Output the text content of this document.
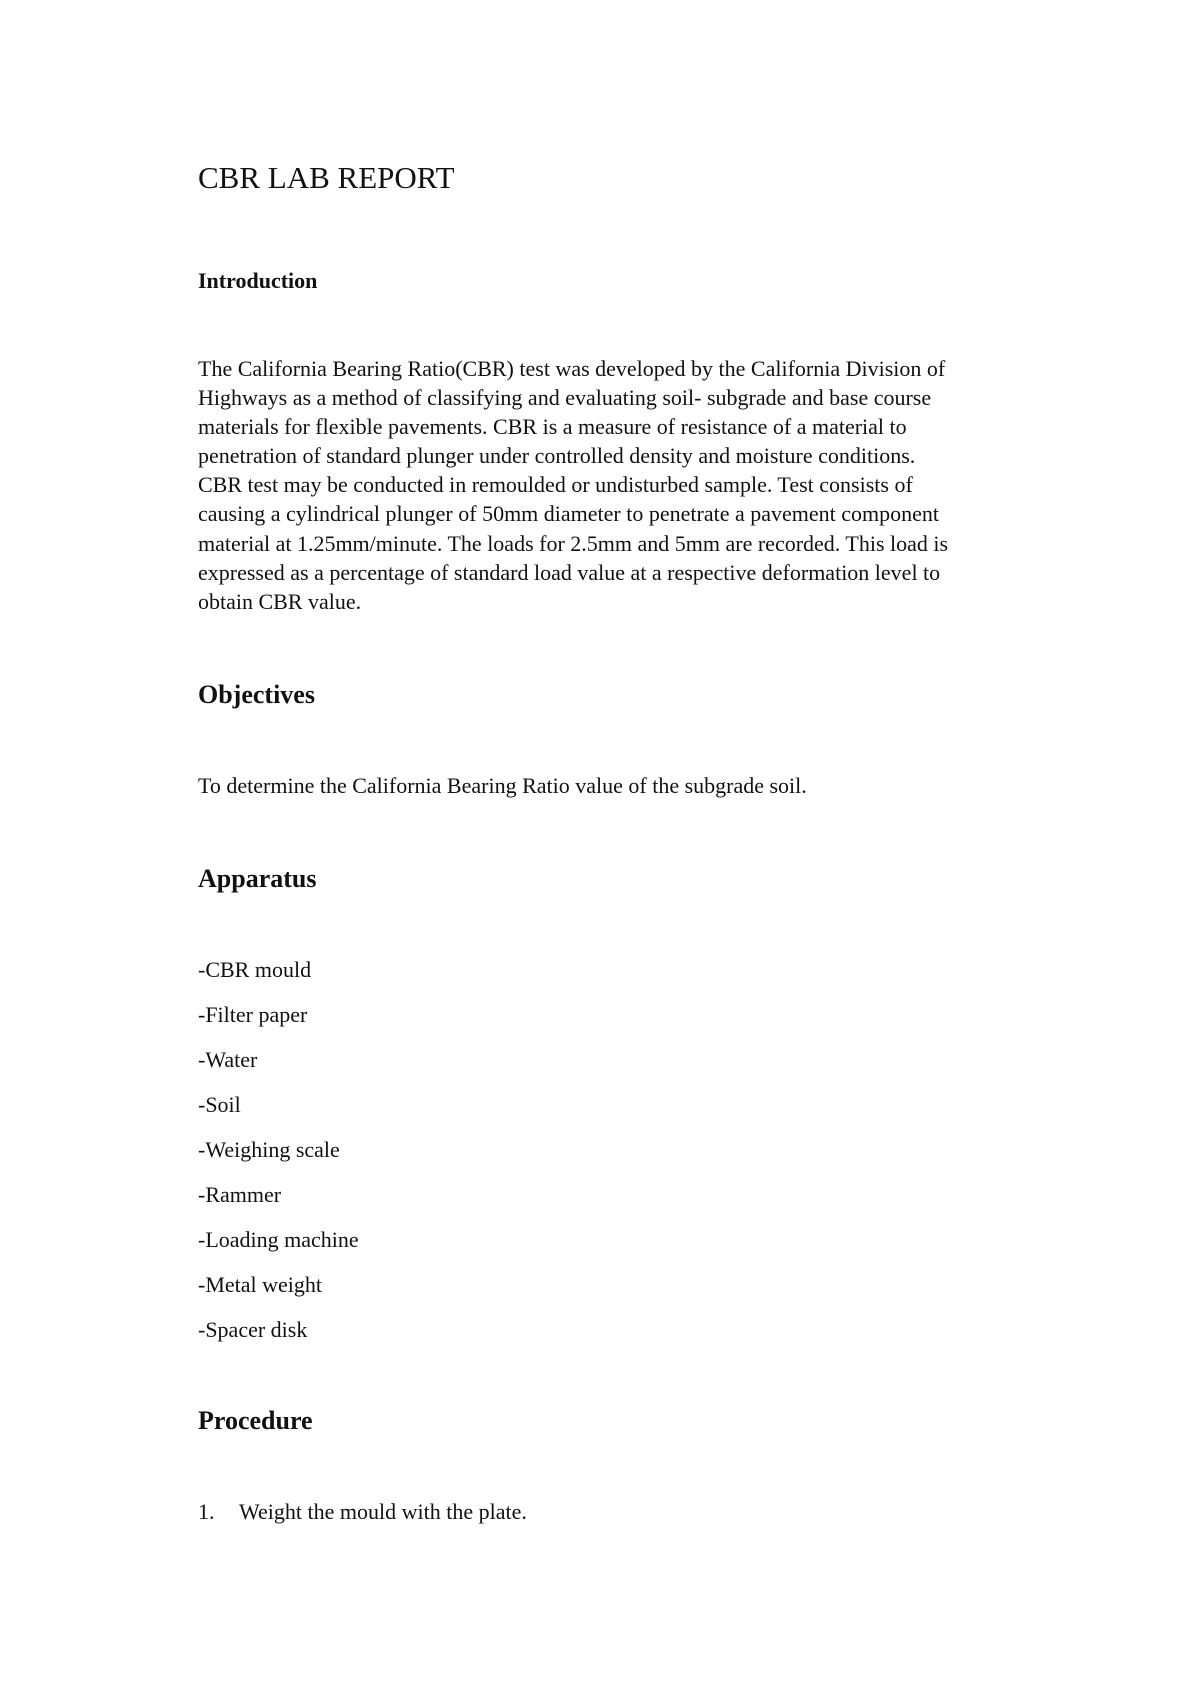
CBR LAB REPORT
Introduction

The California Bearing Ratio(CBR) test was developed by the California Division of
Highways as a method of classifying and evaluating soil- subgrade and base course
materials for flexible pavements. CBR is a measure of resistance of a material to
penetration of standard plunger under controlled density and moisture conditions.
CBR test may be conducted in remoulded or undisturbed sample. Test consists of
causing a cylindrical plunger of 50mm diameter to penetrate a pavement component
material at 1.25mm/minute. The loads for 2.5mm and 5mm are recorded. This load is
expressed as a percentage of standard load value at a respective deformation level to
obtain CBR value.

Objectives

To determine the California Bearing Ratio value of the subgrade soil.

Apparatus
-CBR mould
-Filter paper
-Water
-Soil
-Weighing scale
-Rammer
-Loading machine
-Metal weight
-Spacer disk
Procedure
1. Weight the mould with the plate.
